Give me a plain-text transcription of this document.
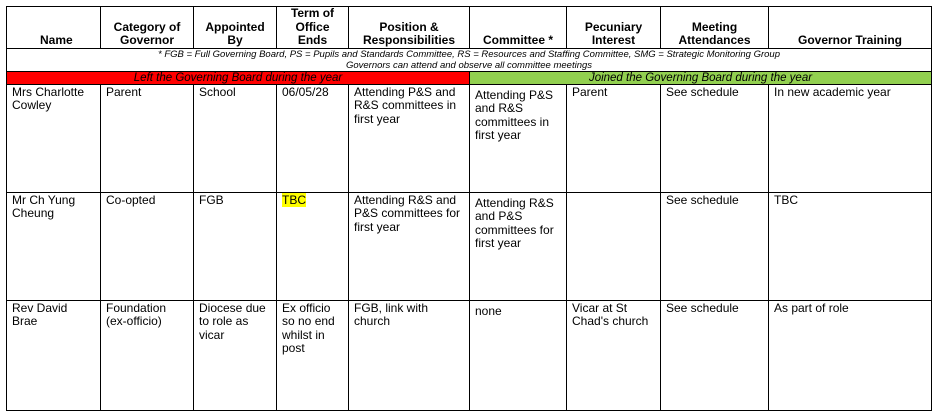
Name	Category of Governor	Appointed By	Term of Office Ends	Position & Responsibilities	Committee *	Pecuniary Interest	Meeting Attendances	Governor Training

* FGB = Full Governing Board, PS = Pupils and Standards Committee, RS = Resources and Staffing Committee, SMG = Strategic Monitoring Group
Governors can attend and observe all committee meetings								

Left the Governing Board during the year					Joined the Governing Board during the year			
Mrs Charlotte Cowley	Parent	School	06/05/28	Attending P&S and R&S committees in first year	Attending P&S and R&S committees in first year	Parent	See schedule	In new academic year
Mr Ch Yung Cheung	Co-opted	FGB	TBC	Attending R&S and P&S committees for first year	Attending R&S and P&S committees for first year		See schedule	TBC
Rev David Brae	Foundation (ex-officio)	Diocese due to role as vicar	Ex officio so no end whilst in post	FGB, link with church	none	Vicar at St Chad's church	See schedule	As part of role
